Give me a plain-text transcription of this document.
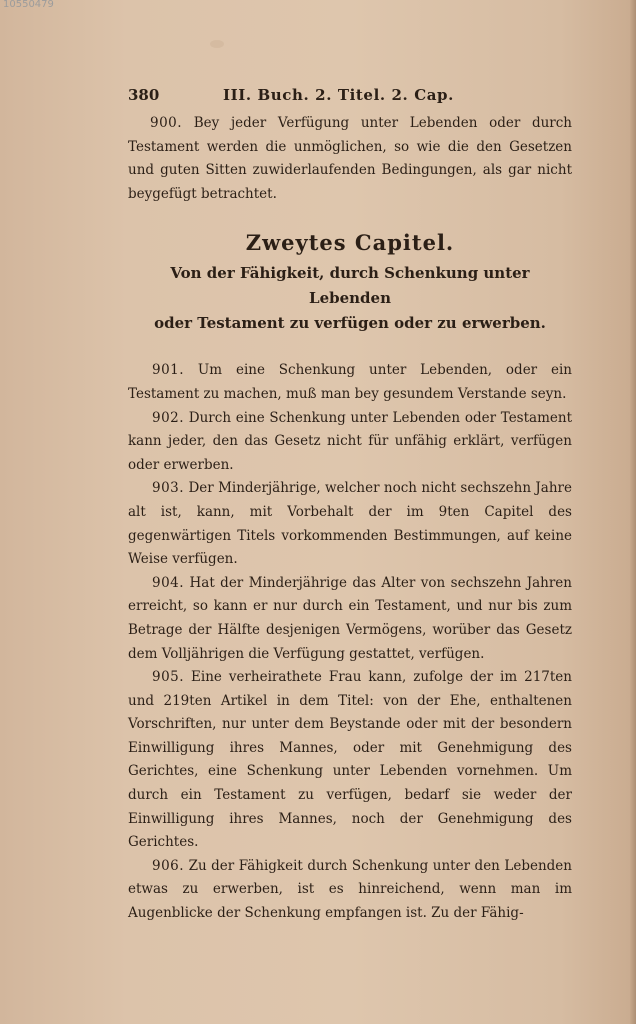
10550479
380	III. Buch. 2. Titel. 2. Cap.

900. Bey jeder Verfügung unter Lebenden oder durch Testament werden die unmöglichen, so wie die den Gesetzen und guten Sitten zuwiderlaufenden Bedingungen, als gar nicht beygefügt betrachtet.

Zweytes Capitel.
Von der Fähigkeit, durch Schenkung unter Lebenden
oder Testament zu verfügen oder zu erwerben.

901. Um eine Schenkung unter Lebenden, oder ein Testament zu machen, muß man bey gesundem Verstande seyn.

902. Durch eine Schenkung unter Lebenden oder Testament kann jeder, den das Gesetz nicht für unfähig erklärt, verfügen oder erwerben.

903. Der Minderjährige, welcher noch nicht sechszehn Jahre alt ist, kann, mit Vorbehalt der im 9ten Capitel des gegenwärtigen Titels vorkommenden Bestimmungen, auf keine Weise verfügen.

904. Hat der Minderjährige das Alter von sechszehn Jahren erreicht, so kann er nur durch ein Testament, und nur bis zum Betrage der Hälfte desjenigen Vermögens, worüber das Gesetz dem Volljährigen die Verfügung gestattet, verfügen.

905. Eine verheirathete Frau kann, zufolge der im 217ten und 219ten Artikel in dem Titel: von der Ehe, enthaltenen Vorschriften, nur unter dem Beystande oder mit der besondern Einwilligung ihres Mannes, oder mit Genehmigung des Gerichtes, eine Schenkung unter Lebenden vornehmen. Um durch ein Testament zu verfügen, bedarf sie weder der Einwilligung ihres Mannes, noch der Genehmigung des Gerichtes.

906. Zu der Fähigkeit durch Schenkung unter den Lebenden etwas zu erwerben, ist es hinreichend, wenn man im Augenblicke der Schenkung empfangen ist. Zu der Fähig-
